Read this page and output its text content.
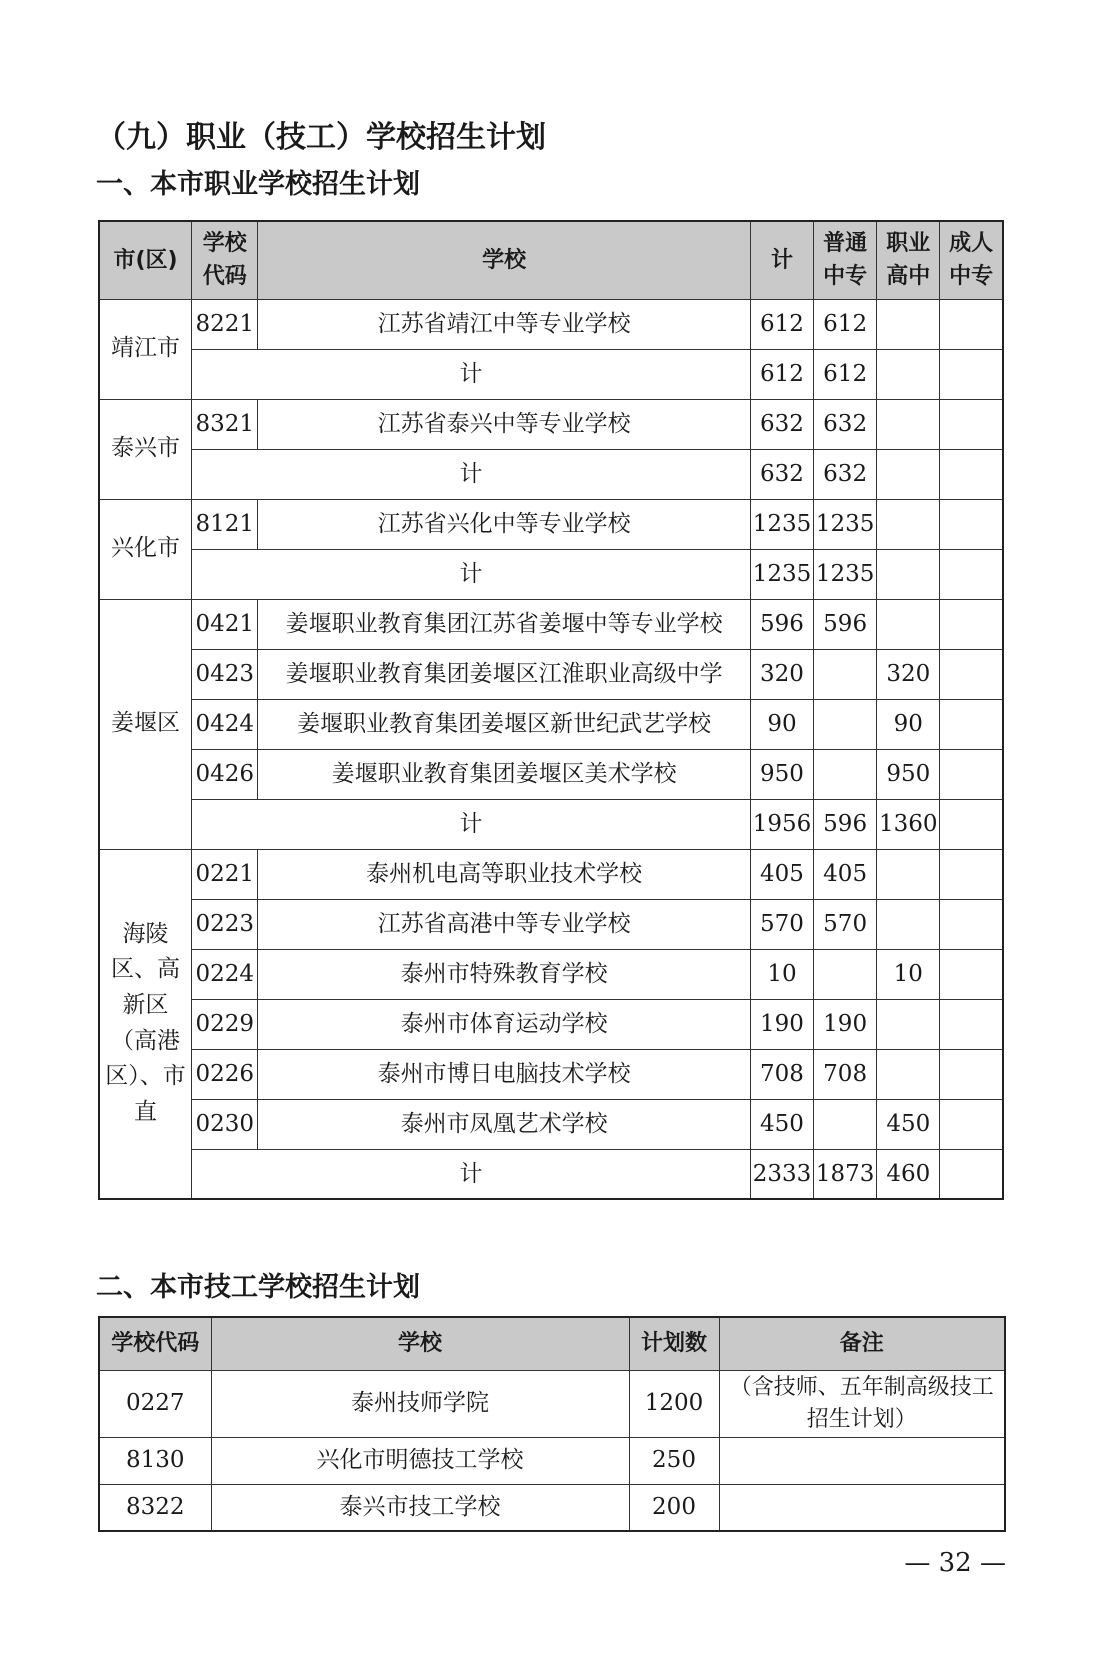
（九）职业（技工）学校招生计划
一、本市职业学校招生计划
市(区)	学校代码	学校	计	普通中专	职业高中	成人中专
靖江市	8221	江苏省靖江中等专业学校	612	612		
	计		612	612		
泰兴市	8321	江苏省泰兴中等专业学校	632	632		
	计		632	632		
兴化市	8121	江苏省兴化中等专业学校	1235	1235		
	计		1235	1235		
姜堰区	0421	姜堰职业教育集团江苏省姜堰中等专业学校	596	596		
	0423	姜堰职业教育集团姜堰区江淮职业高级中学	320		320	
	0424	姜堰职业教育集团姜堰区新世纪武艺学校	90		90	
	0426	姜堰职业教育集团姜堰区美术学校	950		950	
	计		1956	596	1360	
海陵区、高新区（高港区）、市直	0221	泰州机电高等职业技术学校	405	405		
	0223	江苏省高港中等专业学校	570	570		
	0224	泰州市特殊教育学校	10		10	
	0229	泰州市体育运动学校	190	190		
	0226	泰州市博日电脑技术学校	708	708		
	0230	泰州市凤凰艺术学校	450		450	
	计		2333	1873	460	
二、本市技工学校招生计划
学校代码	学校	计划数	备注
0227	泰州技师学院	1200	（含技师、五年制高级技工招生计划）
8130	兴化市明德技工学校	250	
8322	泰兴市技工学校	200	
— 32 —
